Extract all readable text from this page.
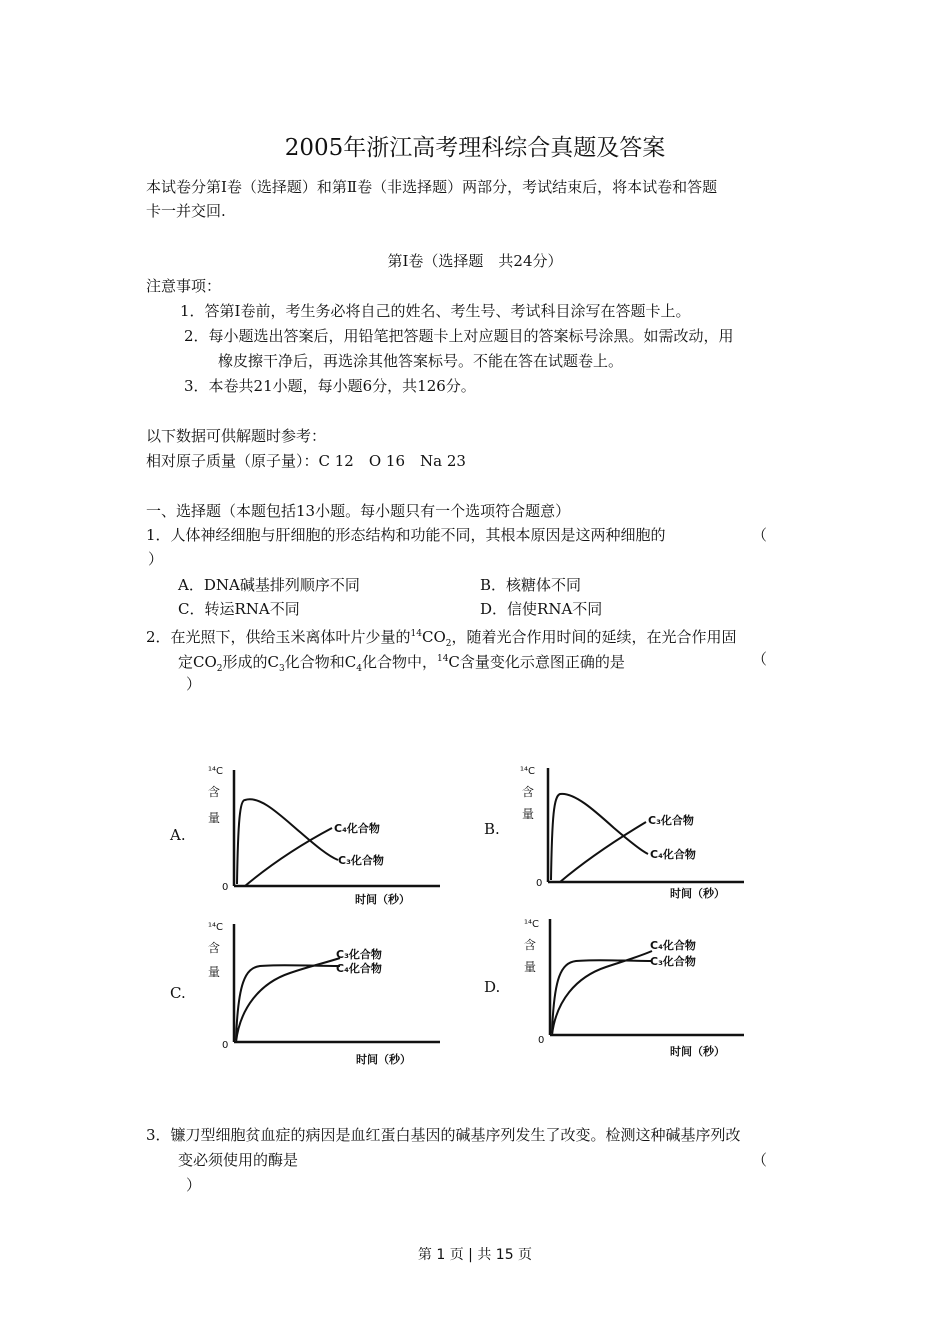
2005年浙江高考理科综合真题及答案
本试卷分第Ⅰ卷（选择题）和第Ⅱ卷（非选择题）两部分，考试结束后，将本试卷和答题
卡一并交回.
第Ⅰ卷（选择题　共24分）
注意事项：
1．答第Ⅰ卷前，考生务必将自己的姓名、考生号、考试科目涂写在答题卡上。
2．每小题选出答案后，用铅笔把答题卡上对应题目的答案标号涂黑。如需改动，用
橡皮擦干净后，再选涂其他答案标号。不能在答在试题卷上。
3．本卷共21小题，每小题6分，共126分。
以下数据可供解题时参考：
相对原子质量（原子量）：C 12　O 16　Na 23
一、选择题（本题包括13小题。每小题只有一个选项符合题意）
1．人体神经细胞与肝细胞的形态结构和功能不同，其根本原因是这两种细胞的	（
）
A．DNA碱基排列顺序不同	B．核糖体不同
C．转运RNA不同	D．信使RNA不同
2．在光照下，供给玉米离体叶片少量的$^{14}CO_2$，随着光合作用时间的延续，在光合作用固
定$CO_2$形成的$C_3$化合物和$C_4$化合物中，$^{14}$C含量变化示意图正确的是	（
）
A.
¹⁴C
含
量
0
时间（秒）
C₄化合物
C₃化合物
B.
¹⁴C
含
量
0
时间（秒）
C₃化合物
C₄化合物
C.
¹⁴C
含
量
0
时间（秒）
C₃化合物
C₄化合物
D.
¹⁴C
含
量
0
时间（秒）
C₄化合物
C₃化合物
3．镰刀型细胞贫血症的病因是血红蛋白基因的碱基序列发生了改变。检测这种碱基序列改
变必须使用的酶是	（
）
第 1 页 | 共 15 页
